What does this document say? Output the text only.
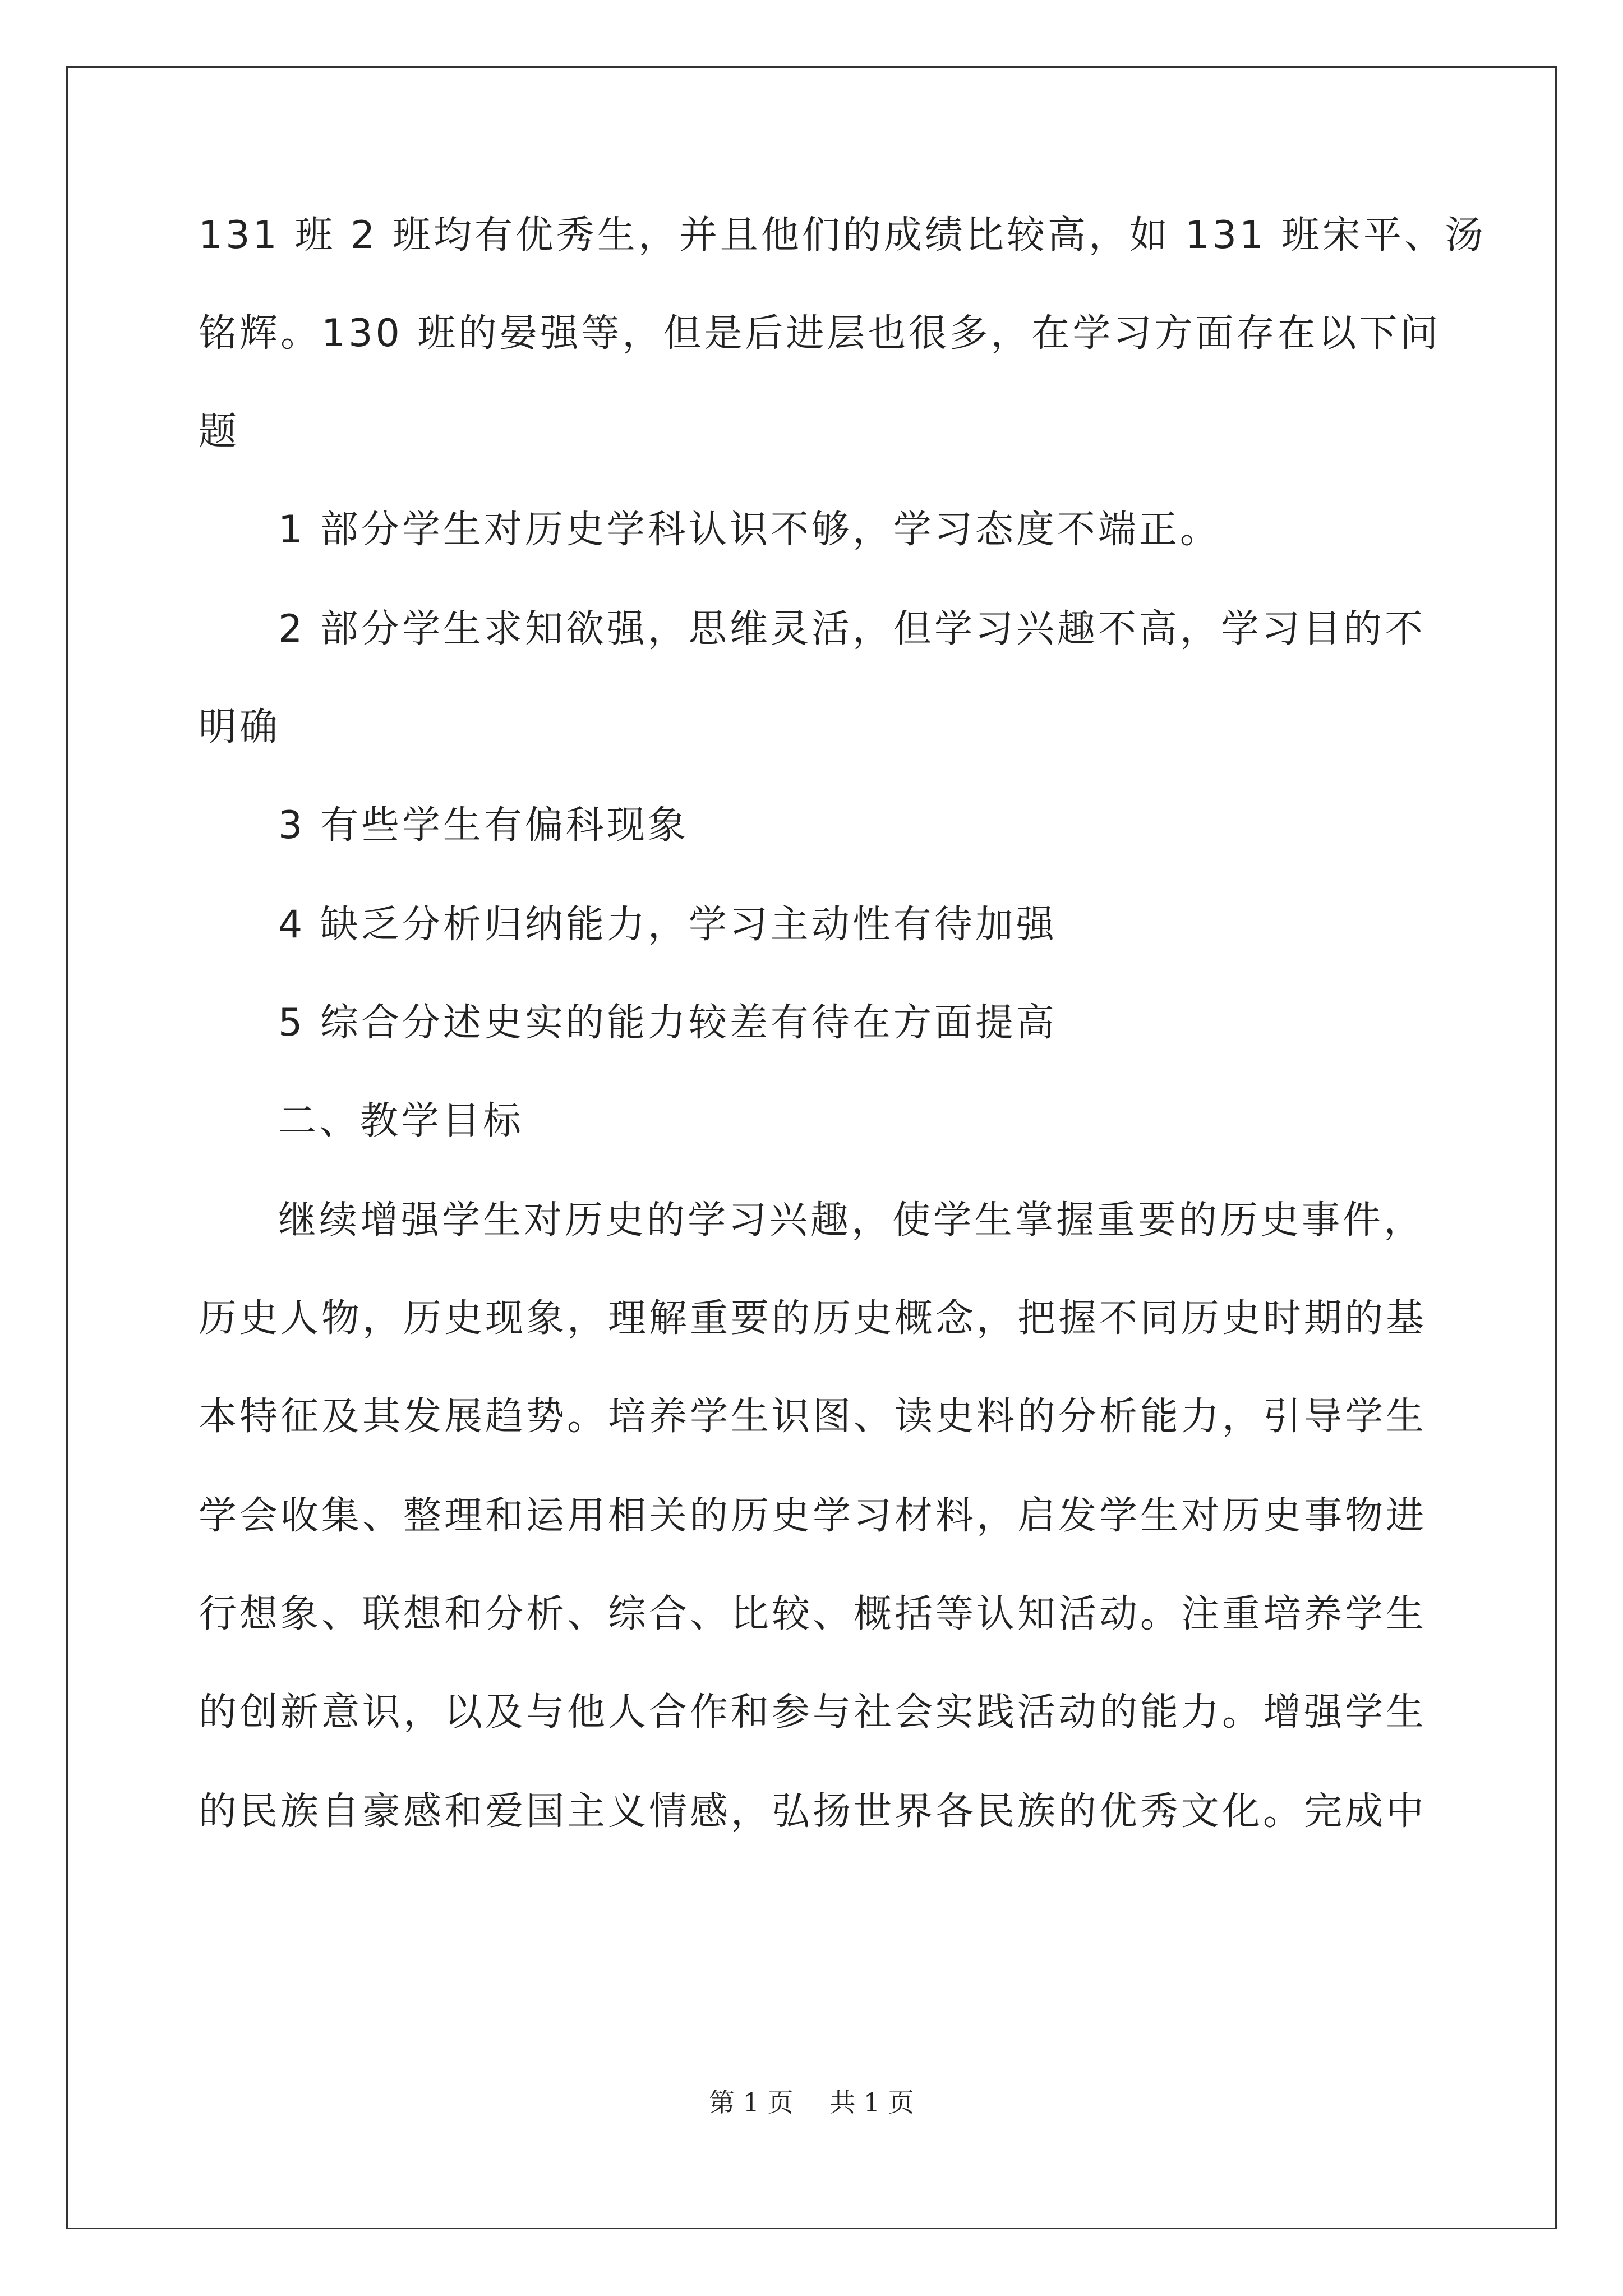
131 班 2 班均有优秀生，并且他们的成绩比较高，如 131 班宋平、汤
铭辉。130 班的晏强等，但是后进层也很多，在学习方面存在以下问
题
1 部分学生对历史学科认识不够，学习态度不端正。
2 部分学生求知欲强，思维灵活，但学习兴趣不高，学习目的不
明确
3 有些学生有偏科现象
4 缺乏分析归纳能力，学习主动性有待加强
5 综合分述史实的能力较差有待在方面提高
二、教学目标
继续增强学生对历史的学习兴趣，使学生掌握重要的历史事件，
历史人物，历史现象，理解重要的历史概念，把握不同历史时期的基
本特征及其发展趋势。培养学生识图、读史料的分析能力，引导学生
学会收集、整理和运用相关的历史学习材料，启发学生对历史事物进
行想象、联想和分析、综合、比较、概括等认知活动。注重培养学生
的创新意识，以及与他人合作和参与社会实践活动的能力。增强学生
的民族自豪感和爱国主义情感，弘扬世界各民族的优秀文化。完成中
第 1 页 共 1 页
